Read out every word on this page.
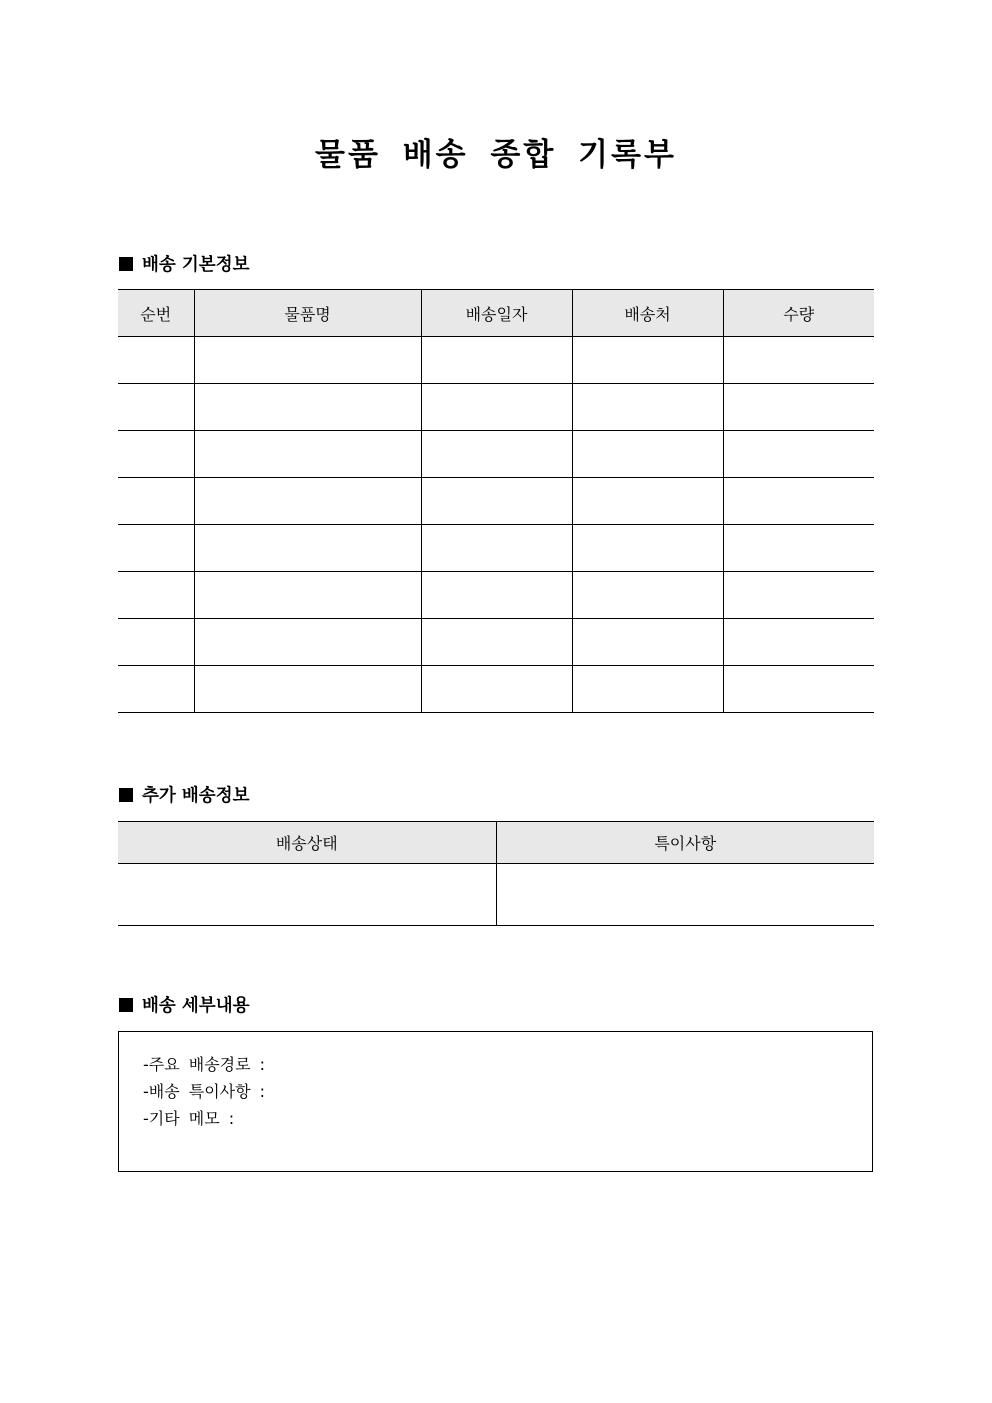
물품 배송 종합 기록부
배송 기본정보
순번	물품명	배송일자	배송처	수량

추가 배송정보
배송상태	특이사항

배송 세부내용
-주요 배송경로 :
-배송 특이사항 :
-기타 메모 :
